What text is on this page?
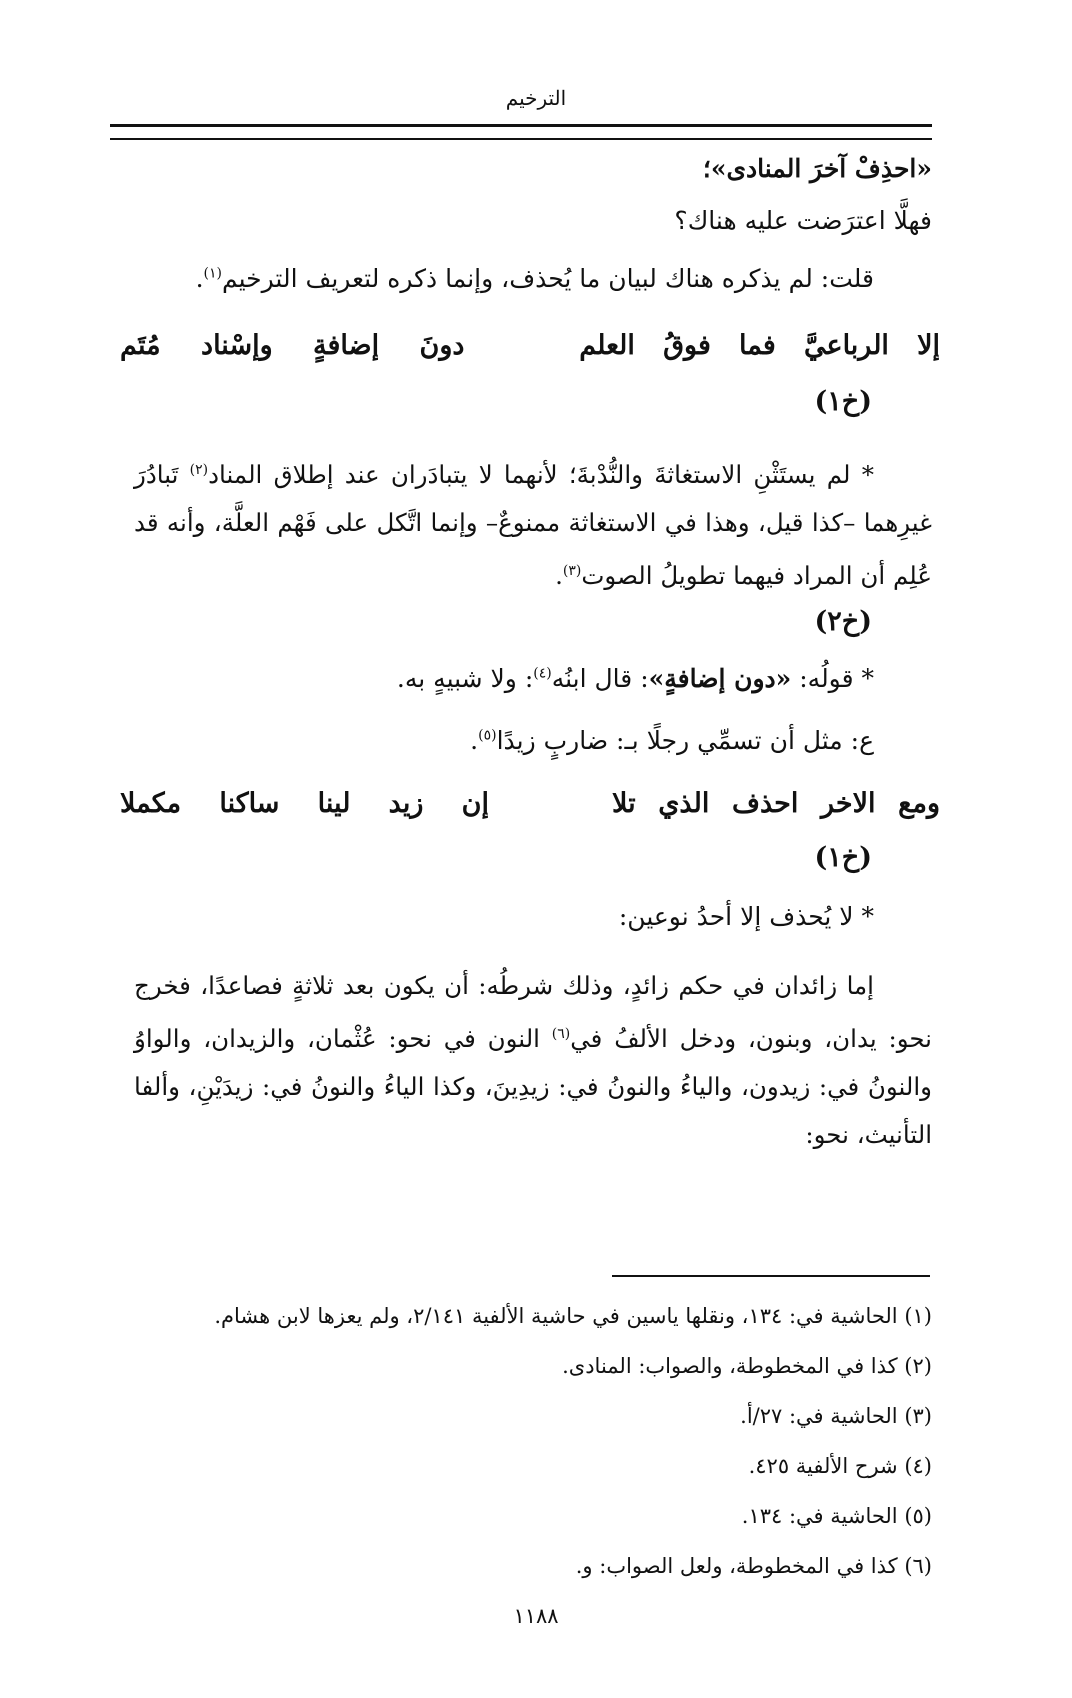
الترخيم
«احذِفْ آخرَ المنادى»؛
فهلَّا اعترَضت عليه هناك؟
قلت: لم يذكره هناك لبيان ما يُحذف، وإنما ذكره لتعريف الترخيم$^{(١)}$.
إلا
الرباعيَّ
فما
فوقُ
العلم
دونَ
إضافةٍ
وإسْناد
مُتَم
(خ١)
* لم يستَثْنِ الاستغاثةَ والنُّدْبةَ؛ لأنهما لا يتبادَران عند إطلاق المناد$^{(٢)}$ تَبادُرَ غيرِهما –كذا قيل، وهذا في الاستغاثة ممنوعٌ– وإنما اتَّكل على فَهْم العلَّة، وأنه قد عُلِم أن المراد فيهما تطويلُ الصوت$^{(٣)}$.
(خ٢)
* قولُه: «دون إضافةٍ»: قال ابنُه$^{(٤)}$: ولا شبيهٍ به.
ع: مثل أن تسمِّي رجلًا بـ: ضاربٍ زيدًا$^{(٥)}$.
ومع
الاخر
احذف
الذي
تلا
إن
زيد
لينا
ساكنا
مكملا
(خ١)
* لا يُحذف إلا أحدُ نوعين:
إما زائدان في حكم زائدٍ، وذلك شرطُه: أن يكون بعد ثلاثةٍ فصاعدًا، فخرج نحو: يدان، وبنون، ودخل الألفُ في$^{(٦)}$ النون في نحو: عُثْمان، والزيدان، والواوُ والنونُ في: زيدون، والياءُ والنونُ في: زيدِينَ، وكذا الياءُ والنونُ في: زيدَيْنِ، وألفا التأنيث، نحو:
(١) الحاشية في: ١٣٤، ونقلها ياسين في حاشية الألفية ٢/١٤١، ولم يعزها لابن هشام.
(٢) كذا في المخطوطة، والصواب: المنادى.
(٣) الحاشية في: ٢٧/أ.
(٤) شرح الألفية ٤٢٥.
(٥) الحاشية في: ١٣٤.
(٦) كذا في المخطوطة، ولعل الصواب: و.
١١٨٨
